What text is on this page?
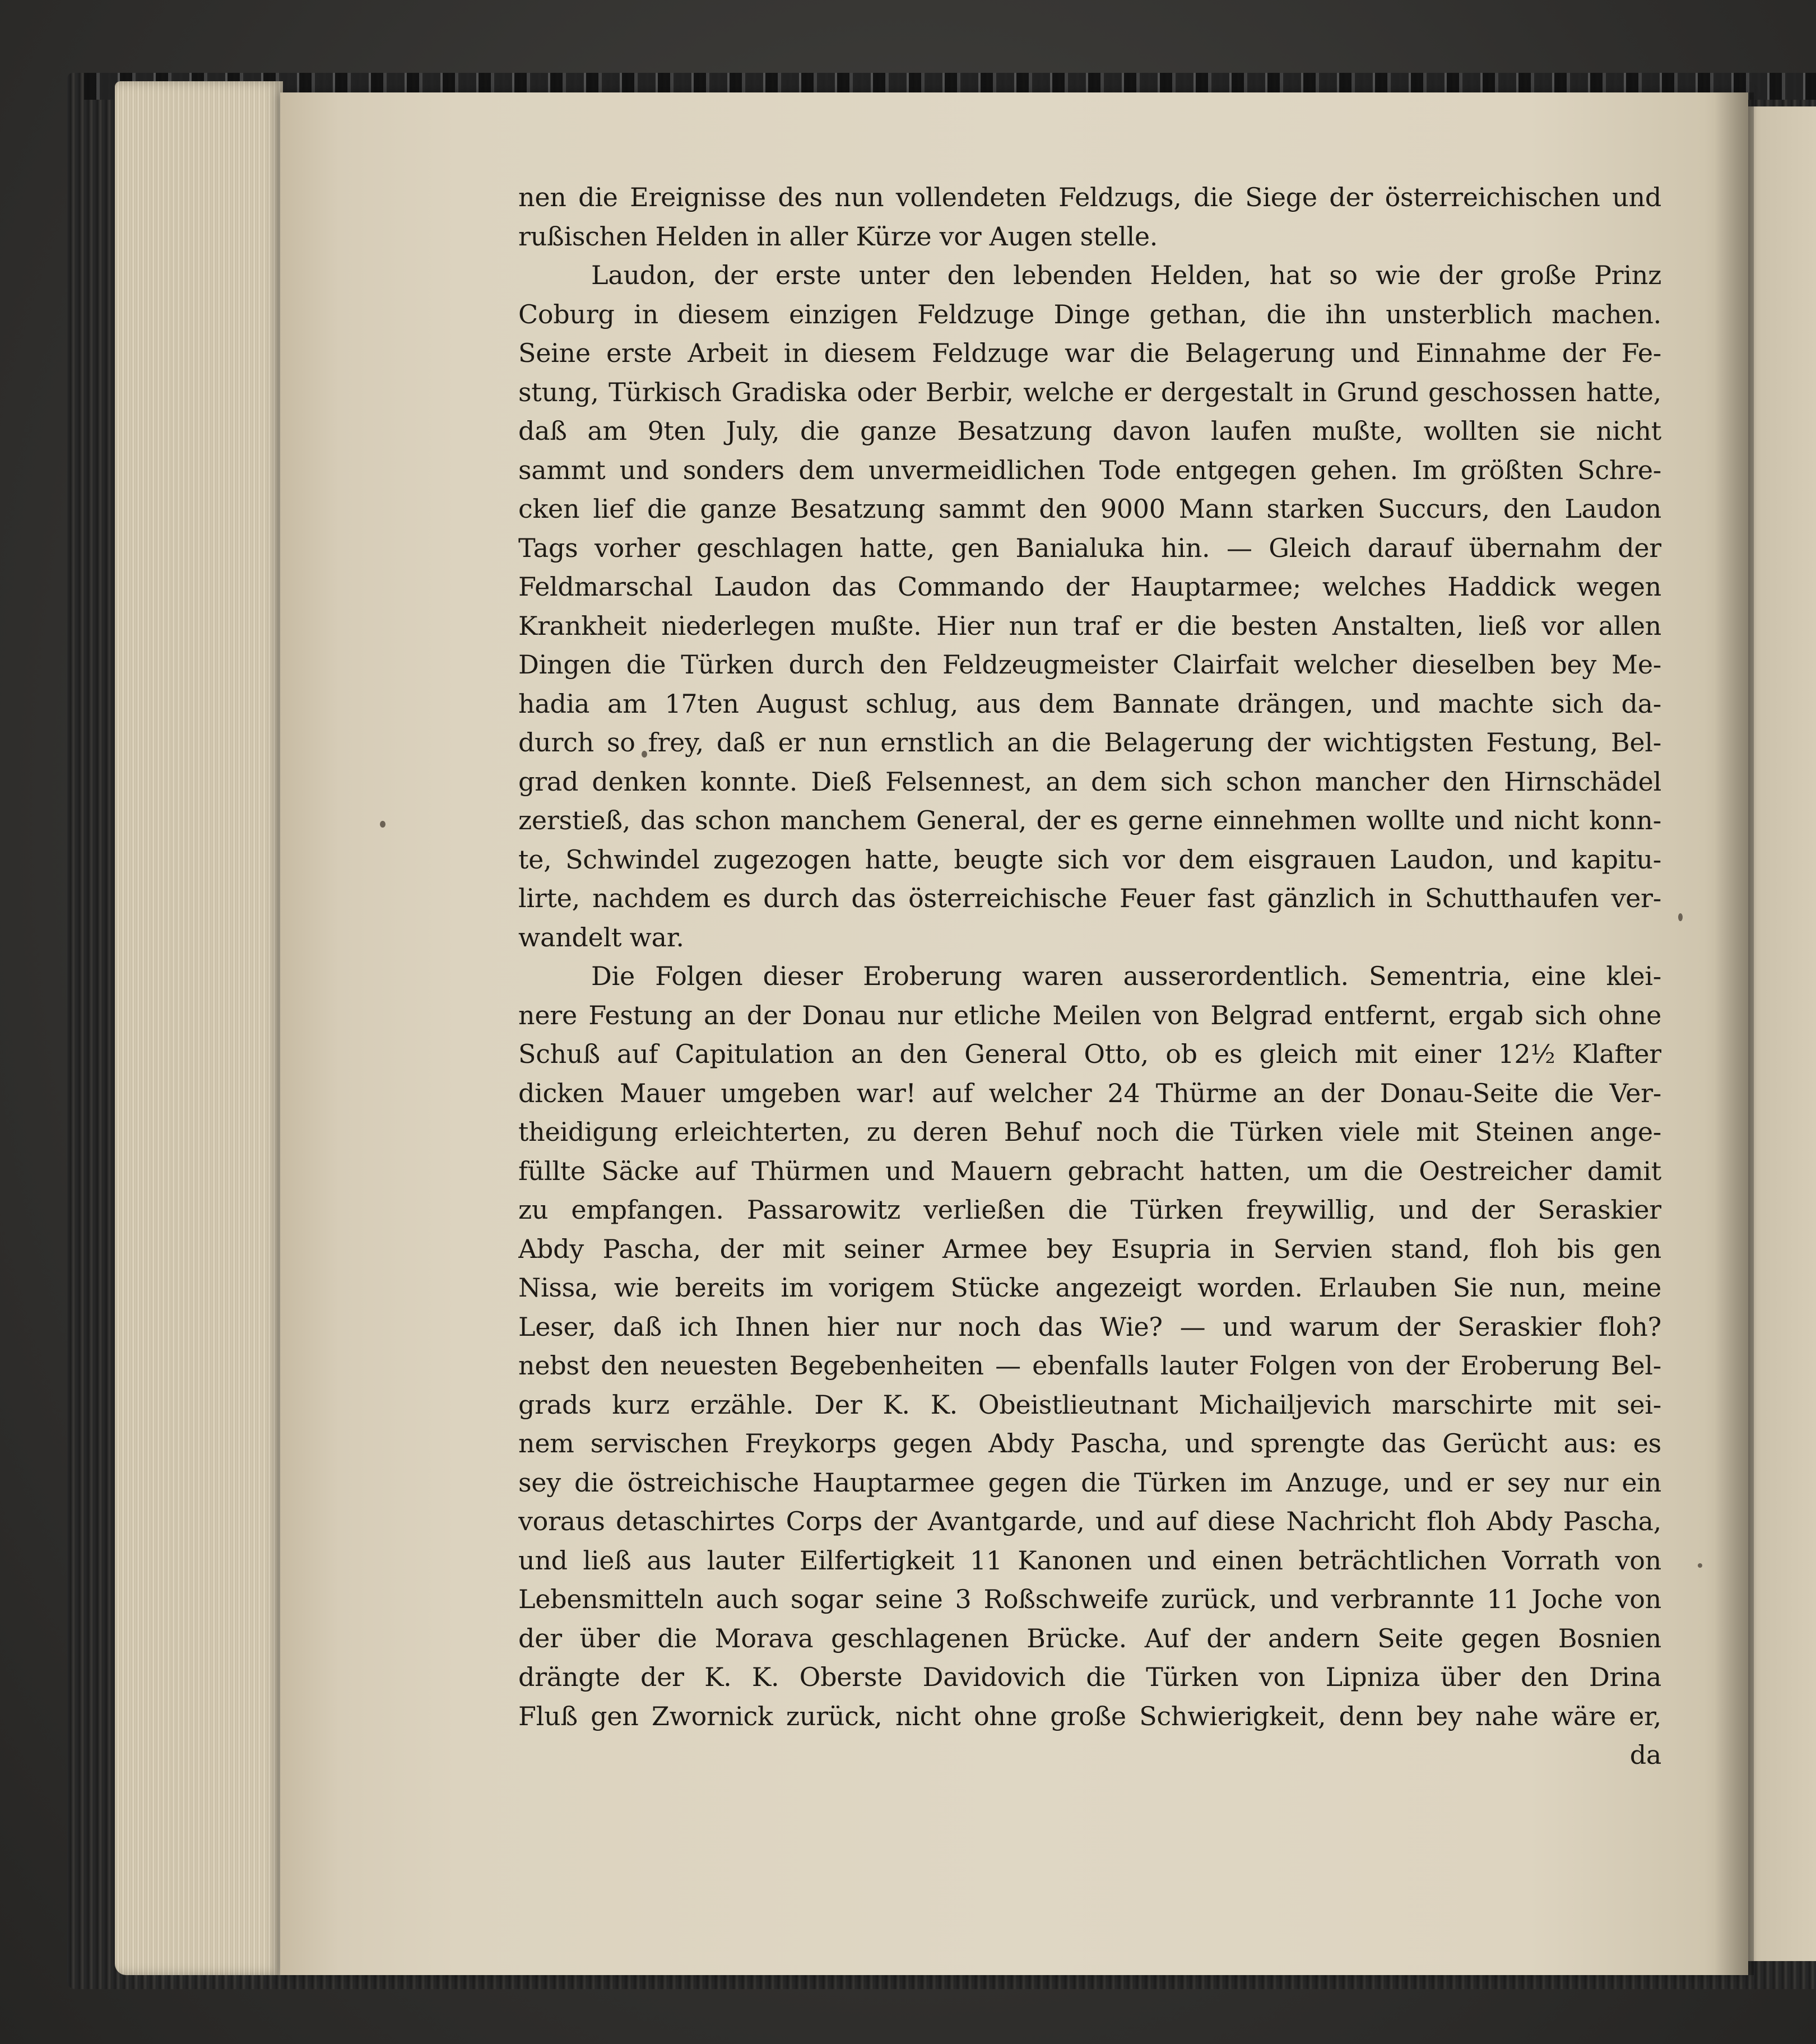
nen die Ereignisse des nun vollendeten Feldzugs, die Siege der österreichischen und
rußischen Helden in aller Kürze vor Augen stelle.
Laudon, der erste unter den lebenden Helden, hat so wie der große Prinz
Coburg in diesem einzigen Feldzuge Dinge gethan, die ihn unsterblich machen.
Seine erste Arbeit in diesem Feldzuge war die Belagerung und Einnahme der Fe-
stung, Türkisch Gradiska oder Berbir, welche er dergestalt in Grund geschossen hatte,
daß am 9ten July, die ganze Besatzung davon laufen mußte, wollten sie nicht
sammt und sonders dem unvermeidlichen Tode entgegen gehen. Im größten Schre-
cken lief die ganze Besatzung sammt den 9000 Mann starken Succurs, den Laudon
Tags vorher geschlagen hatte, gen Banialuka hin. — Gleich darauf übernahm der
Feldmarschal Laudon das Commando der Hauptarmee; welches Haddick wegen
Krankheit niederlegen mußte. Hier nun traf er die besten Anstalten, ließ vor allen
Dingen die Türken durch den Feldzeugmeister Clairfait welcher dieselben bey Me-
hadia am 17ten August schlug, aus dem Bannate drängen, und machte sich da-
durch so frey, daß er nun ernstlich an die Belagerung der wichtigsten Festung, Bel-
grad denken konnte. Dieß Felsennest, an dem sich schon mancher den Hirnschädel
zerstieß, das schon manchem General, der es gerne einnehmen wollte und nicht konn-
te, Schwindel zugezogen hatte, beugte sich vor dem eisgrauen Laudon, und kapitu-
lirte, nachdem es durch das österreichische Feuer fast gänzlich in Schutthaufen ver-
wandelt war.
Die Folgen dieser Eroberung waren ausserordentlich. Sementria, eine klei-
nere Festung an der Donau nur etliche Meilen von Belgrad entfernt, ergab sich ohne
Schuß auf Capitulation an den General Otto, ob es gleich mit einer 12½ Klafter
dicken Mauer umgeben war! auf welcher 24 Thürme an der Donau-Seite die Ver-
theidigung erleichterten, zu deren Behuf noch die Türken viele mit Steinen ange-
füllte Säcke auf Thürmen und Mauern gebracht hatten, um die Oestreicher damit
zu empfangen. Passarowitz verließen die Türken freywillig, und der Seraskier
Abdy Pascha, der mit seiner Armee bey Esupria in Servien stand, floh bis gen
Nissa, wie bereits im vorigem Stücke angezeigt worden. Erlauben Sie nun, meine
Leser, daß ich Ihnen hier nur noch das Wie? — und warum der Seraskier floh?
nebst den neuesten Begebenheiten — ebenfalls lauter Folgen von der Eroberung Bel-
grads kurz erzähle. Der K. K. Obeistlieutnant Michailjevich marschirte mit sei-
nem servischen Freykorps gegen Abdy Pascha, und sprengte das Gerücht aus: es
sey die östreichische Hauptarmee gegen die Türken im Anzuge, und er sey nur ein
voraus detaschirtes Corps der Avantgarde, und auf diese Nachricht floh Abdy Pascha,
und ließ aus lauter Eilfertigkeit 11 Kanonen und einen beträchtlichen Vorrath von
Lebensmitteln auch sogar seine 3 Roßschweife zurück, und verbrannte 11 Joche von
der über die Morava geschlagenen Brücke. Auf der andern Seite gegen Bosnien
drängte der K. K. Oberste Davidovich die Türken von Lipniza über den Drina
Fluß gen Zwornick zurück, nicht ohne große Schwierigkeit, denn bey nahe wäre er,
da
